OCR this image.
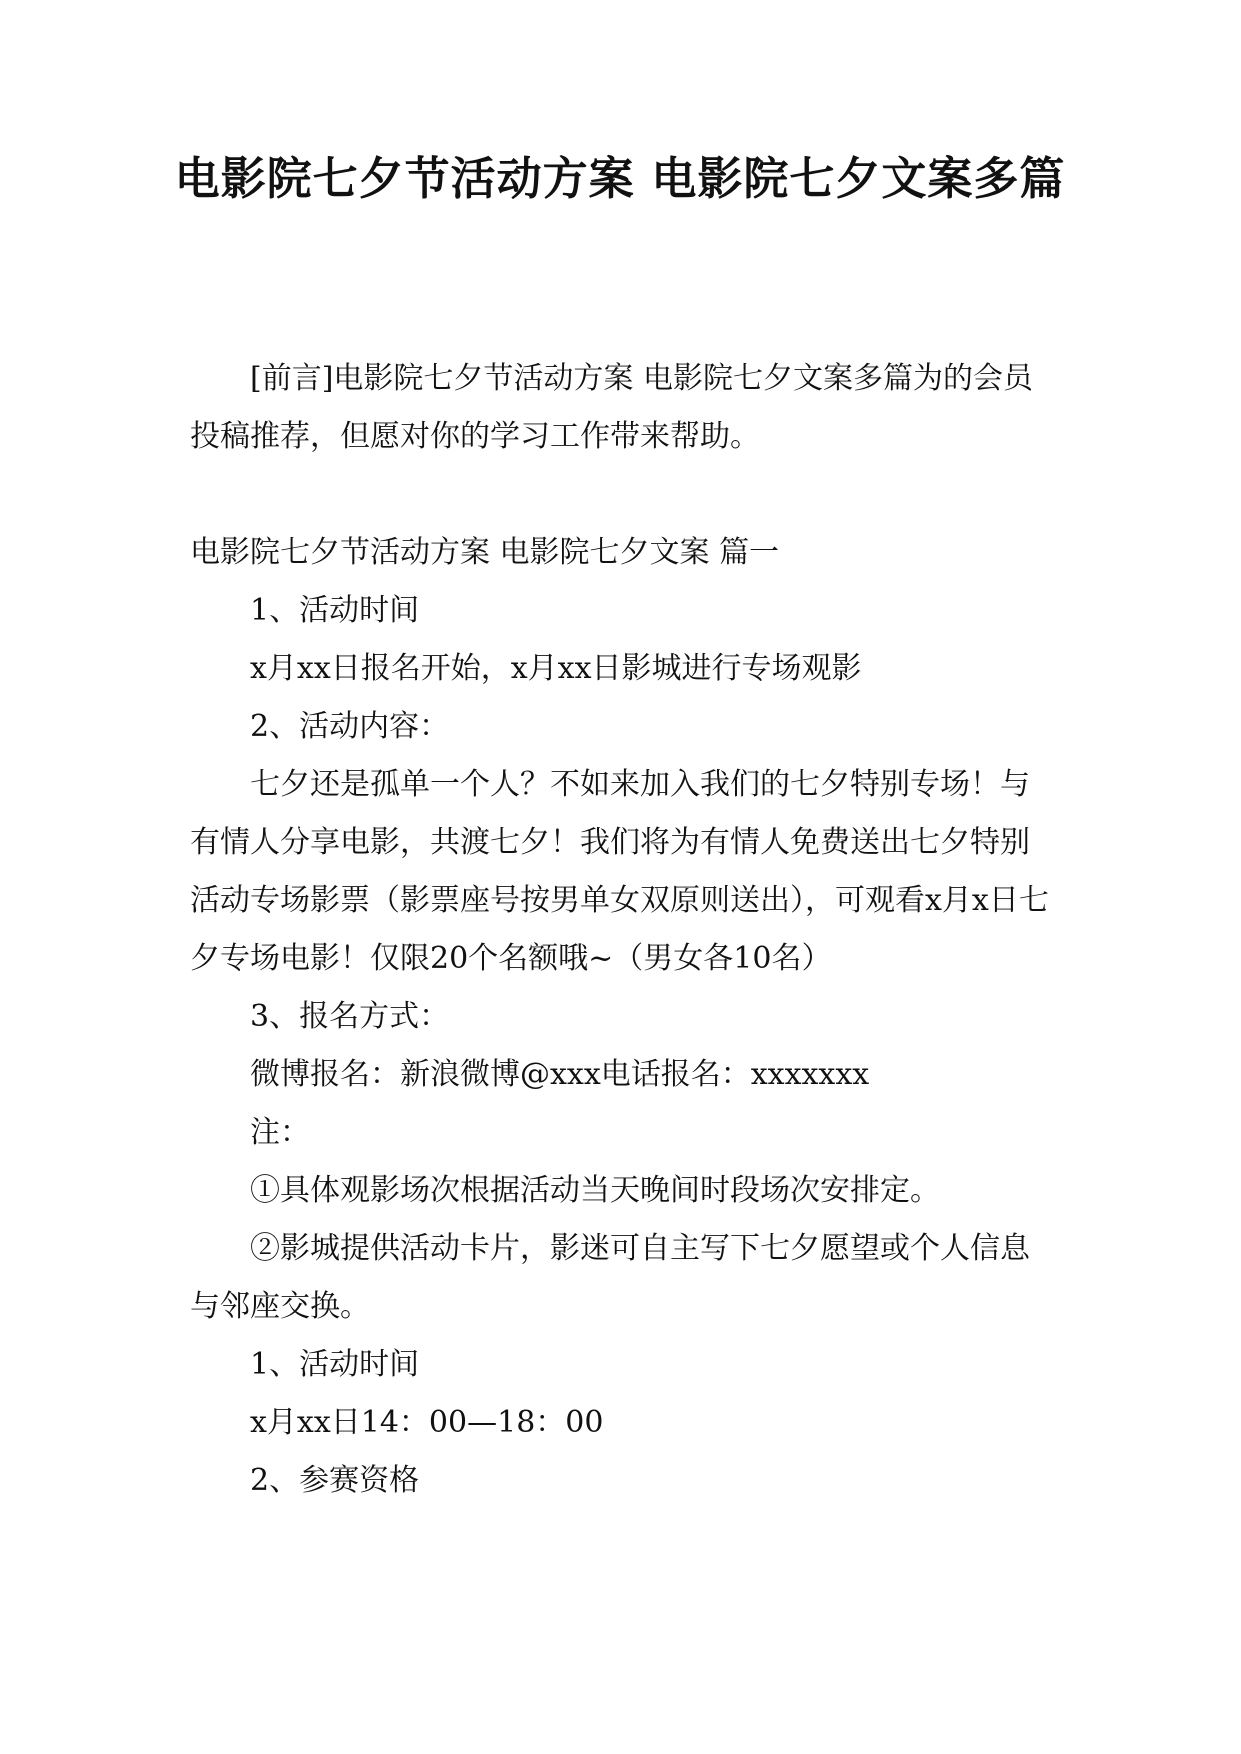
电影院七夕节活动方案 电影院七夕文案多篇

[前言]电影院七夕节活动方案 电影院七夕文案多篇为的会员投稿推荐，但愿对你的学习工作带来帮助。

电影院七夕节活动方案 电影院七夕文案 篇一

1、活动时间

x月xx日报名开始，x月xx日影城进行专场观影

2、活动内容：

七夕还是孤单一个人？不如来加入我们的七夕特别专场！与有情人分享电影，共渡七夕！我们将为有情人免费送出七夕特别活动专场影票（影票座号按男单女双原则送出），可观看x月x日七夕专场电影！仅限20个名额哦~（男女各10名）

3、报名方式：

微博报名：新浪微博@xxx电话报名：xxxxxxx

注：

①具体观影场次根据活动当天晚间时段场次安排定。

②影城提供活动卡片，影迷可自主写下七夕愿望或个人信息与邻座交换。

1、活动时间

x月xx日14：00—18：00

2、参赛资格
